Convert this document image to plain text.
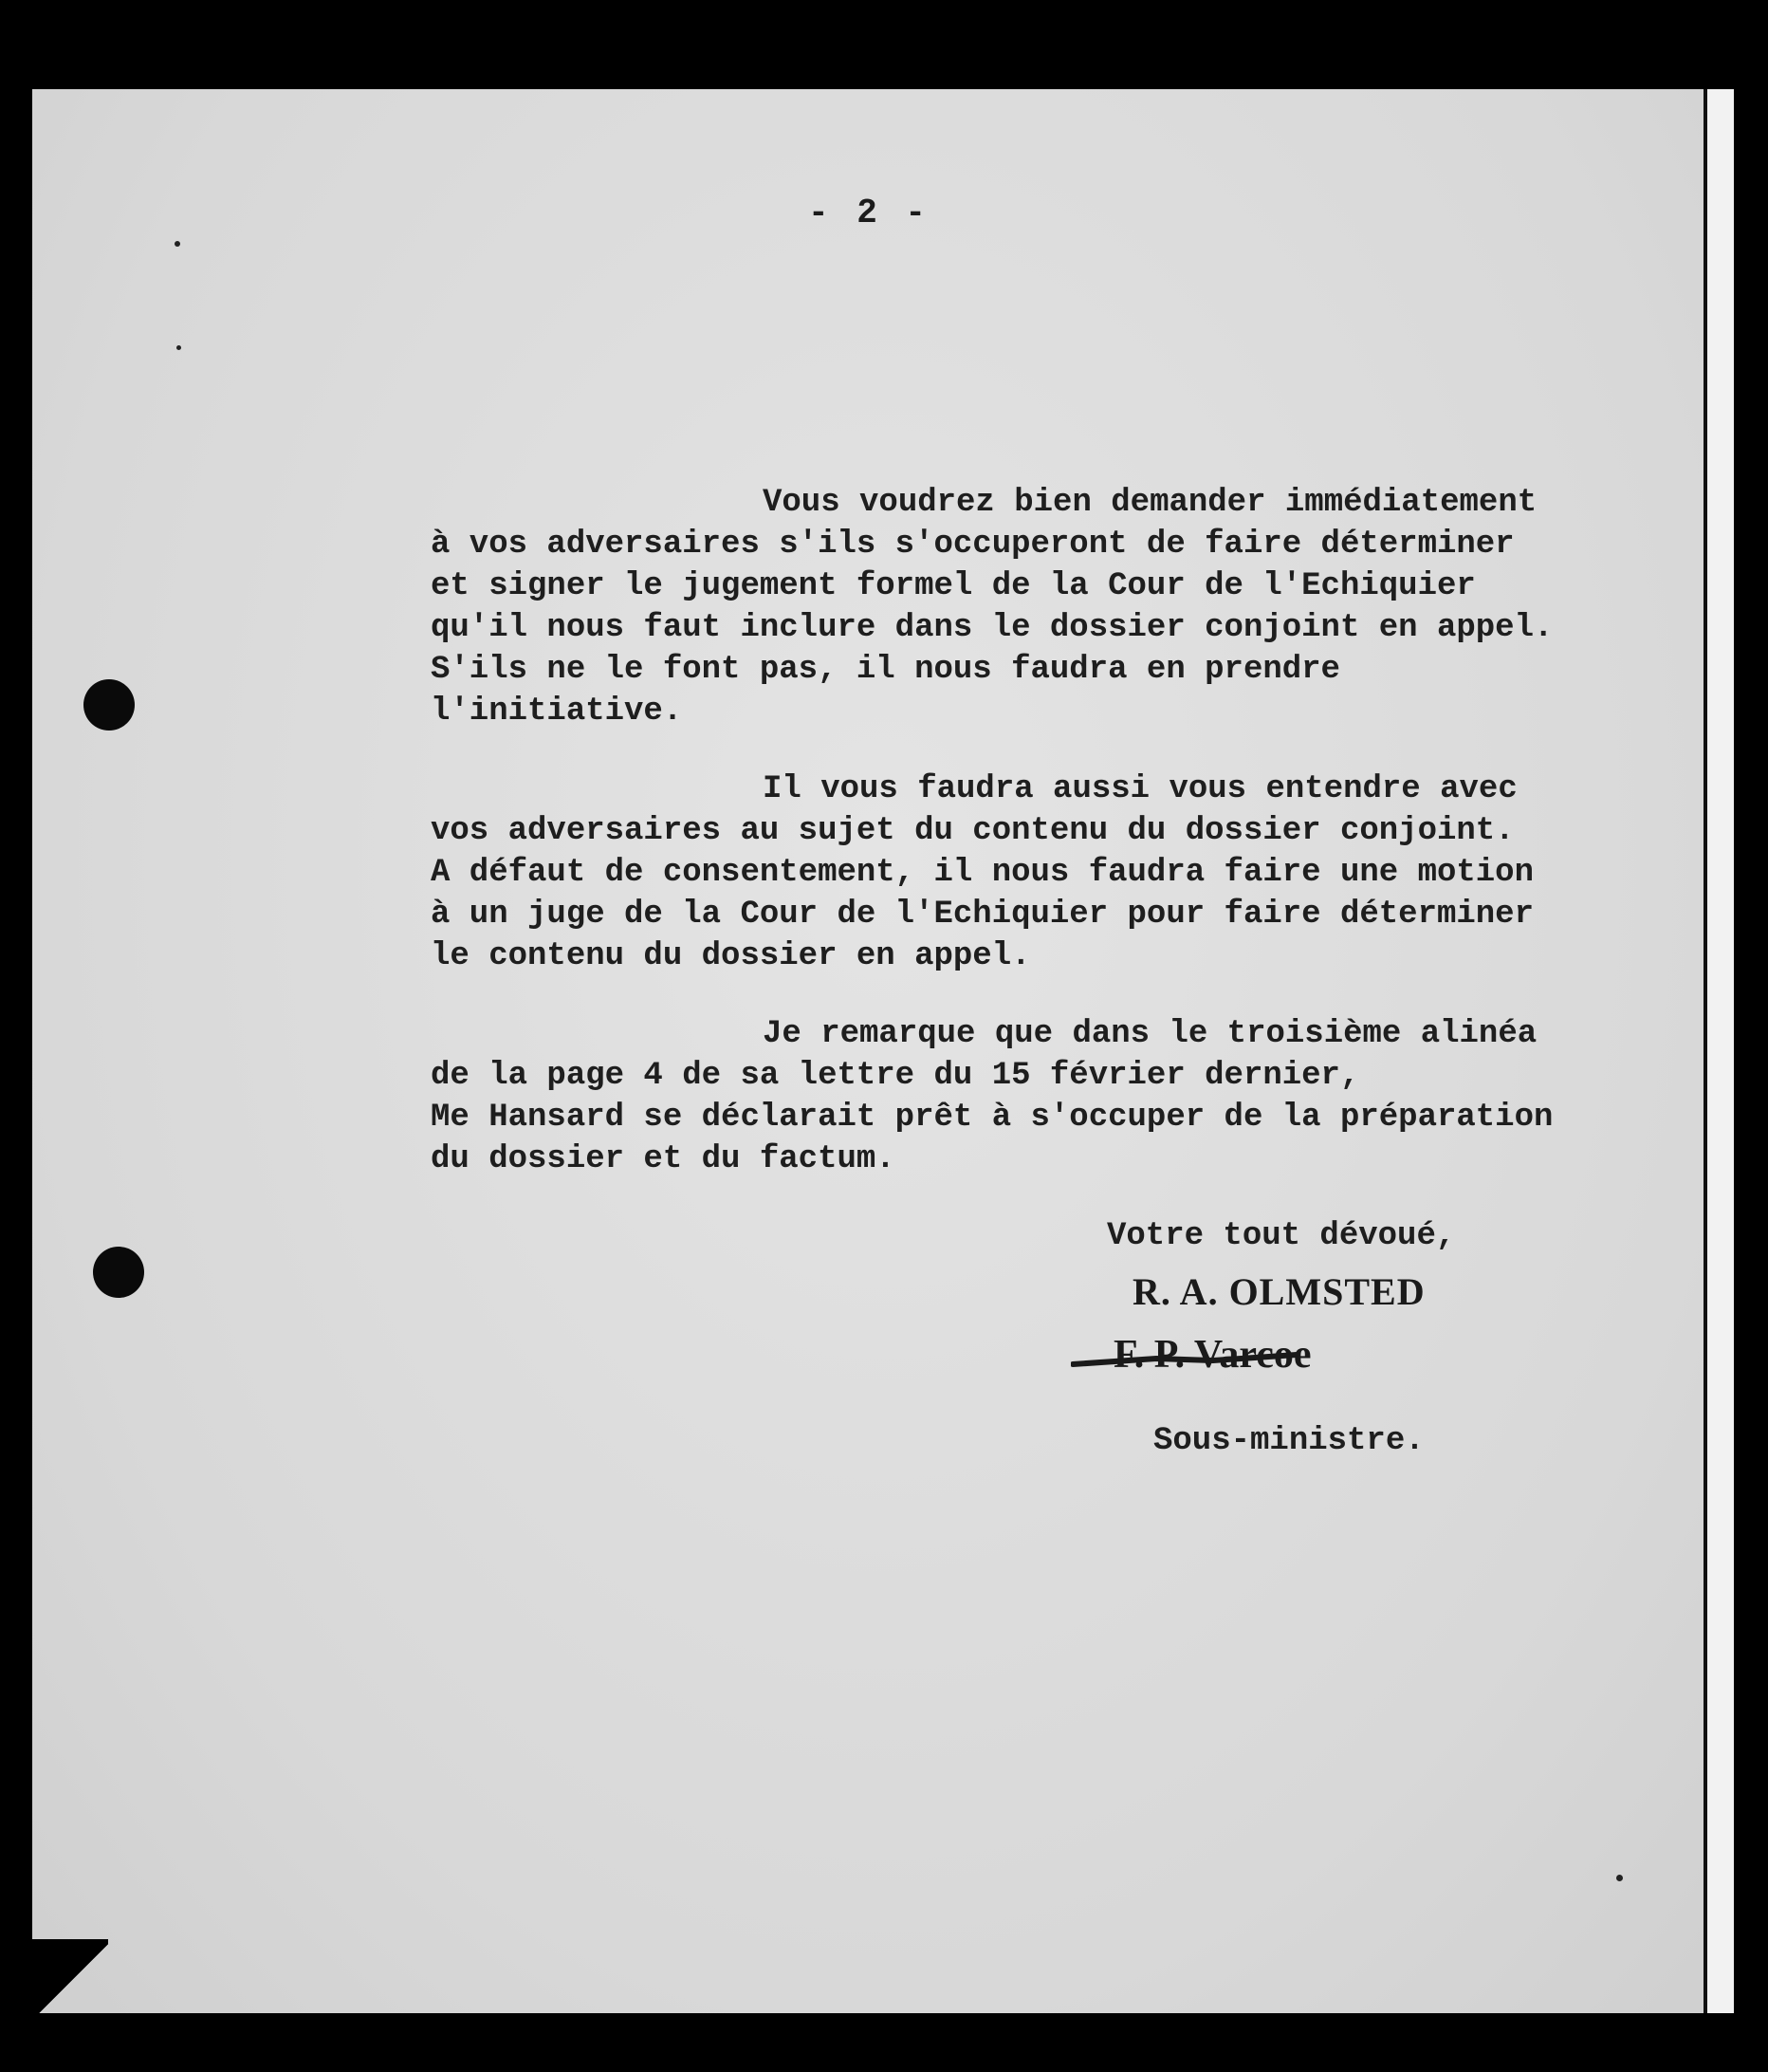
- 2 -

Vous voudrez bien demander immédiatement
à vos adversaires s'ils s'occuperont de faire déterminer
et signer le jugement formel de la Cour de l'Echiquier
qu'il nous faut inclure dans le dossier conjoint en appel.
S'ils ne le font pas, il nous faudra en prendre
l'initiative.

Il vous faudra aussi vous entendre avec
vos adversaires au sujet du contenu du dossier conjoint.
A défaut de consentement, il nous faudra faire une motion
à un juge de la Cour de l'Echiquier pour faire déterminer
le contenu du dossier en appel.

Je remarque que dans le troisième alinéa
de la page 4 de sa lettre du 15 février dernier,
Me Hansard se déclarait prêt à s'occuper de la préparation
du dossier et du factum.

Votre tout dévoué,
R. A. OLMSTED
F. P. Varcoe
Sous-ministre.
